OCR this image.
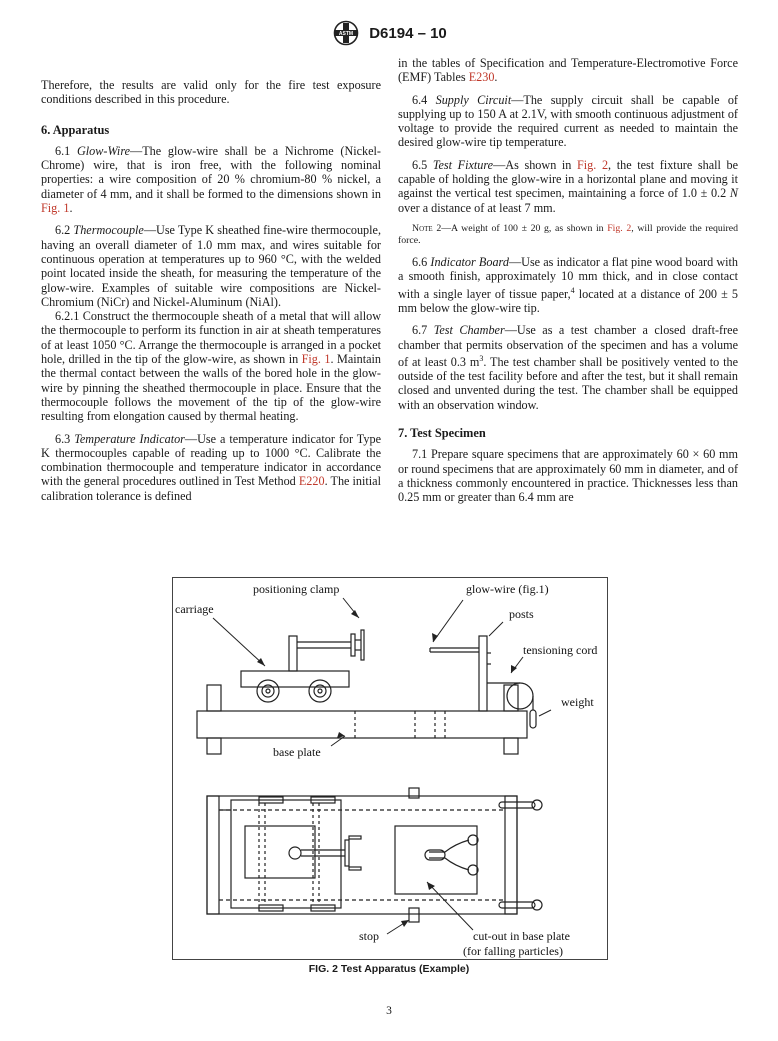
ASTM D6194 – 10

Therefore, the results are valid only for the fire test exposure conditions described in this procedure.

6. Apparatus

6.1 Glow-Wire—The glow-wire shall be a Nichrome (Nickel-Chrome) wire, that is iron free, with the following nominal properties: a wire composition of 20 % chromium-80 % nickel, a diameter of 4 mm, and it shall be formed to the dimensions shown in Fig. 1.

6.2 Thermocouple—Use Type K sheathed fine-wire thermocouple, having an overall diameter of 1.0 mm max, and wires suitable for continuous operation at temperatures up to 960 °C, with the welded point located inside the sheath, for measuring the temperature of the glow-wire. Examples of suitable wire compositions are Nickel-Chromium (NiCr) and Nickel-Aluminum (NiAl).

6.2.1 Construct the thermocouple sheath of a metal that will allow the thermocouple to perform its function in air at sheath temperatures of at least 1050 °C. Arrange the thermocouple is arranged in a pocket hole, drilled in the tip of the glow-wire, as shown in Fig. 1. Maintain the thermal contact between the walls of the bored hole in the glow-wire by pinning the sheathed thermocouple in place. Ensure that the thermocouple follows the movement of the tip of the glow-wire resulting from elongation caused by thermal heating.

6.3 Temperature Indicator—Use a temperature indicator for Type K thermocouples capable of reading up to 1000 °C. Calibrate the combination thermocouple and temperature indicator in accordance with the general procedures outlined in Test Method E220. The initial calibration tolerance is defined

in the tables of Specification and Temperature-Electromotive Force (EMF) Tables E230.

6.4 Supply Circuit—The supply circuit shall be capable of supplying up to 150 A at 2.1V, with smooth continuous adjustment of voltage to provide the required current as needed to maintain the desired glow-wire tip temperature.

6.5 Test Fixture—As shown in Fig. 2, the test fixture shall be capable of holding the glow-wire in a horizontal plane and moving it against the vertical test specimen, maintaining a force of 1.0 ± 0.2 N over a distance of at least 7 mm.

Note 2—A weight of 100 ± 20 g, as shown in Fig. 2, will provide the required force.

6.6 Indicator Board—Use as indicator a flat pine wood board with a smooth finish, approximately 10 mm thick, and in close contact with a single layer of tissue paper,$^4$ located at a distance of 200 ± 5 mm below the glow-wire tip.

6.7 Test Chamber—Use as a test chamber a closed draft-free chamber that permits observation of the specimen and has a volume of at least 0.3 $m^3$. The test chamber shall be positively vented to the outside of the test facility before and after the test, but it shall remain closed and unvented during the test. The chamber shall be equipped with an observation window.

7. Test Specimen

7.1 Prepare square specimens that are approximately 60 × 60 mm or round specimens that are approximately 60 mm in diameter, and of a thickness commonly encountered in practice. Thicknesses less than 0.25 mm or greater than 6.4 mm are

positioning clamp	glow-wire (fig.1)
carriage	posts
tensioning cord
weight
base plate
stop	cut-out in base plate
(for falling particles)
FIG. 2 Test Apparatus (Example)
3
